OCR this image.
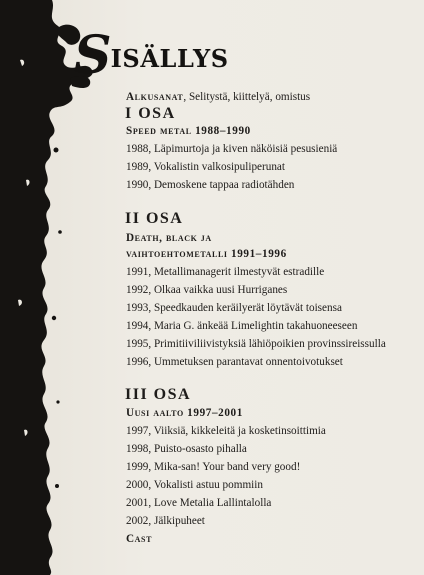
Sisällys
Alkusanat, Selitystä, kiittelyä, omistus
I OSA
Speed metal 1988–1990
1988, Läpimurtoja ja kiven näköisiä pesusieniä
1989, Vokalistin valkosipuliperunat
1990, Demoskene tappaa radiotähden
II OSA
Death, black ja
vaihtoehtometalli 1991–1996
1991, Metallimanagerit ilmestyvät estradille
1992, Olkaa vaikka uusi Hurriganes
1993, Speedkauden keräilyerät löytävät toisensa
1994, Maria G. änkeää Limelightin takahuoneeseen
1995, Primitiiviliivistyksiä lähiöpoikien provinssireissulla
1996, Ummetuksen parantavat onnentoivotukset
III OSA
Uusi aalto 1997–2001
1997, Viiksiä, kikkeleitä ja kosketinsoittimia
1998, Puisto-osasto pihalla
1999, Mika-san! Your band very good!
2000, Vokalisti astuu pommiin
2001, Love Metalia Lallintalolla
2002, Jälkipuheet
Cast
